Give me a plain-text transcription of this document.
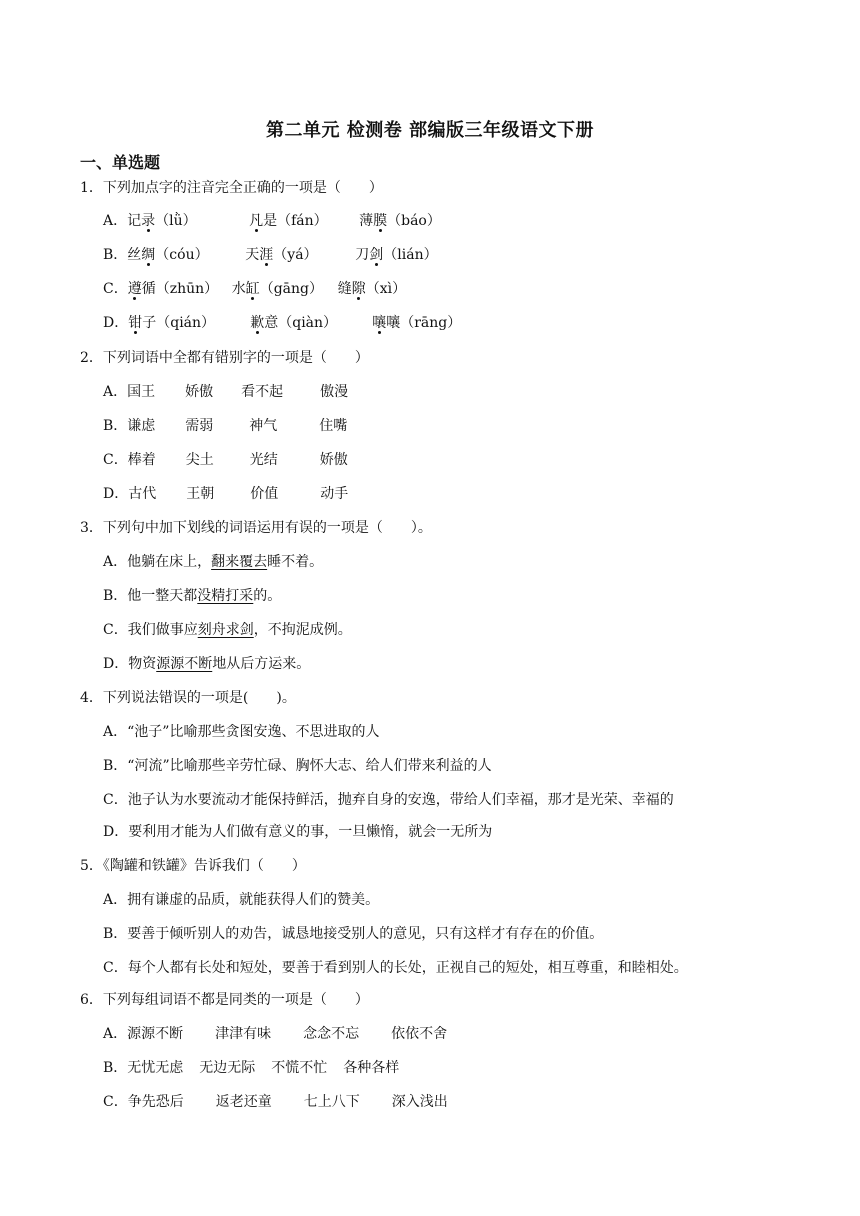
第二单元 检测卷 部编版三年级语文下册
一、单选题
1．下列加点字的注音完全正确的一项是（　　）
A．记录（lǜ）	凡是（fán） 薄膜（báo）
B．丝绸（cóu）	天涯（yá）	刀剑（lián）
C．遵循（zhūn） 水缸（gāng） 缝隙（xì）
D．钳子（qián）	歉意（qiàn）	嚷嚷（rāng）
2．下列词语中全都有错别字的一项是（　　）
A．国王 娇傲 看不起	傲漫
B．谦虑 需弱	神气	住嘴
C．棒着 尖土	光结	娇傲
D．古代 王朝	价值	动手
3．下列句中加下划线的词语运用有误的一项是（　　）。
A．他躺在床上，翻来覆去睡不着。
B．他一整天都没精打采的。
C．我们做事应刻舟求剑，不拘泥成例。
D．物资源源不断地从后方运来。
4．下列说法错误的一项是(　　)。
A．“池子”比喻那些贪图安逸、不思进取的人
B．“河流”比喻那些辛劳忙碌、胸怀大志、给人们带来利益的人
C．池子认为水要流动才能保持鲜活，抛弃自身的安逸，带给人们幸福，那才是光荣、幸福的
D．要利用才能为人们做有意义的事，一旦懒惰，就会一无所为
5．《陶罐和铁罐》告诉我们（　　）
A．拥有谦虚的品质，就能获得人们的赞美。
B．要善于倾听别人的劝告，诚恳地接受别人的意见，只有这样才有存在的价值。
C．每个人都有长处和短处，要善于看到别人的长处，正视自己的短处，相互尊重，和睦相处。
6．下列每组词语不都是同类的一项是（　　）
A．源源不断 津津有味 念念不忘 依依不舍
B．无忧无虑 无边无际 不慌不忙 各种各样
C．争先恐后 返老还童 七上八下 深入浅出
